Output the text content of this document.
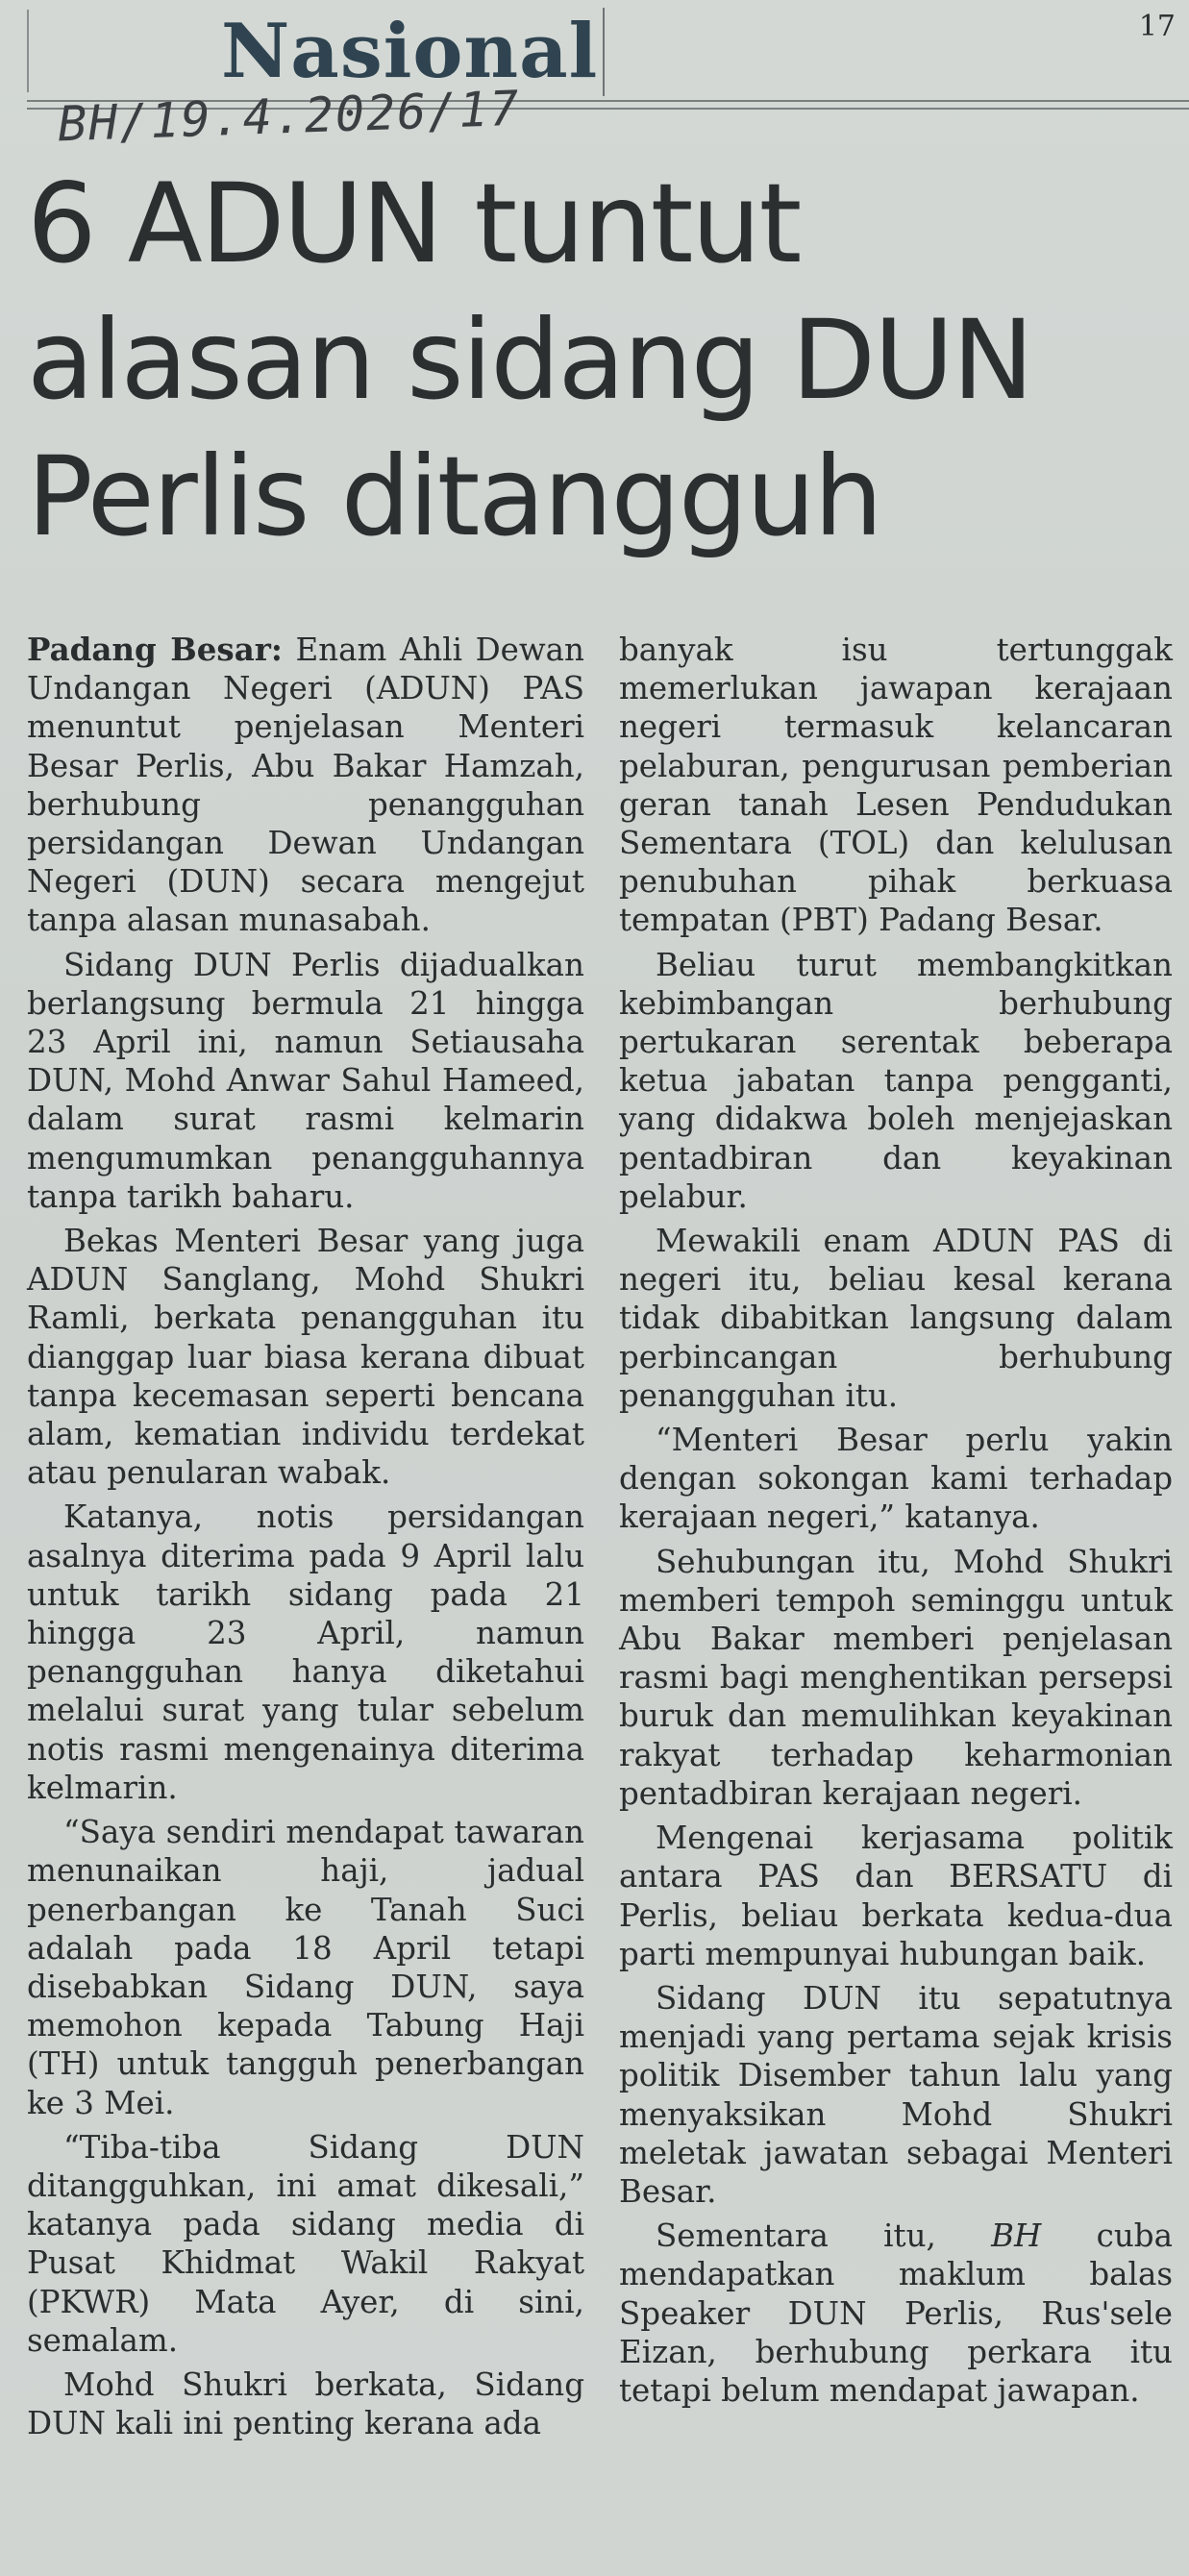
Nasional	17
BH/19.4.2026/17
6 ADUN tuntut
alasan sidang DUN
Perlis ditangguh

Padang Besar: Enam Ahli Dewan Undangan Negeri (ADUN) PAS menuntut penjelasan Menteri Besar Perlis, Abu Bakar Hamzah, berhubung penangguhan persidangan Dewan Undangan Negeri (DUN) secara mengejut tanpa alasan munasabah.

Sidang DUN Perlis dijadualkan berlangsung bermula 21 hingga 23 April ini, namun Setiausaha DUN, Mohd Anwar Sahul Hameed, dalam surat rasmi kelmarin mengumumkan penangguhannya tanpa tarikh baharu.

Bekas Menteri Besar yang juga ADUN Sanglang, Mohd Shukri Ramli, berkata penangguhan itu dianggap luar biasa kerana dibuat tanpa kecemasan seperti bencana alam, kematian individu terdekat atau penularan wabak.

Katanya, notis persidangan asalnya diterima pada 9 April lalu untuk tarikh sidang pada 21 hingga 23 April, namun penangguhan hanya diketahui melalui surat yang tular sebelum notis rasmi mengenainya diterima kelmarin.

“Saya sendiri mendapat tawaran menunaikan haji, jadual penerbangan ke Tanah Suci adalah pada 18 April tetapi disebabkan Sidang DUN, saya memohon kepada Tabung Haji (TH) untuk tangguh penerbangan ke 3 Mei.

“Tiba-tiba Sidang DUN ditangguhkan, ini amat dikesali,” katanya pada sidang media di Pusat Khidmat Wakil Rakyat (PKWR) Mata Ayer, di sini, semalam.

Mohd Shukri berkata, Sidang DUN kali ini penting kerana ada

banyak isu tertunggak memerlukan jawapan kerajaan negeri termasuk kelancaran pelaburan, pengurusan pemberian geran tanah Lesen Pendudukan Sementara (TOL) dan kelulusan penubuhan pihak berkuasa tempatan (PBT) Padang Besar.

Beliau turut membangkitkan kebimbangan berhubung pertukaran serentak beberapa ketua jabatan tanpa pengganti, yang didakwa boleh menjejaskan pentadbiran dan keyakinan pelabur.

Mewakili enam ADUN PAS di negeri itu, beliau kesal kerana tidak dibabitkan langsung dalam perbincangan berhubung penangguhan itu.

“Menteri Besar perlu yakin dengan sokongan kami terhadap kerajaan negeri,” katanya.

Sehubungan itu, Mohd Shukri memberi tempoh seminggu untuk Abu Bakar memberi penjelasan rasmi bagi menghentikan persepsi buruk dan memulihkan keyakinan rakyat terhadap keharmonian pentadbiran kerajaan negeri.

Mengenai kerjasama politik antara PAS dan BERSATU di Perlis, beliau berkata kedua-dua parti mempunyai hubungan baik.

Sidang DUN itu sepatutnya menjadi yang pertama sejak krisis politik Disember tahun lalu yang menyaksikan Mohd Shukri meletak jawatan sebagai Menteri Besar.

Sementara itu, BH cuba mendapatkan maklum balas Speaker DUN Perlis, Rus'sele Eizan, berhubung perkara itu tetapi belum mendapat jawapan.
